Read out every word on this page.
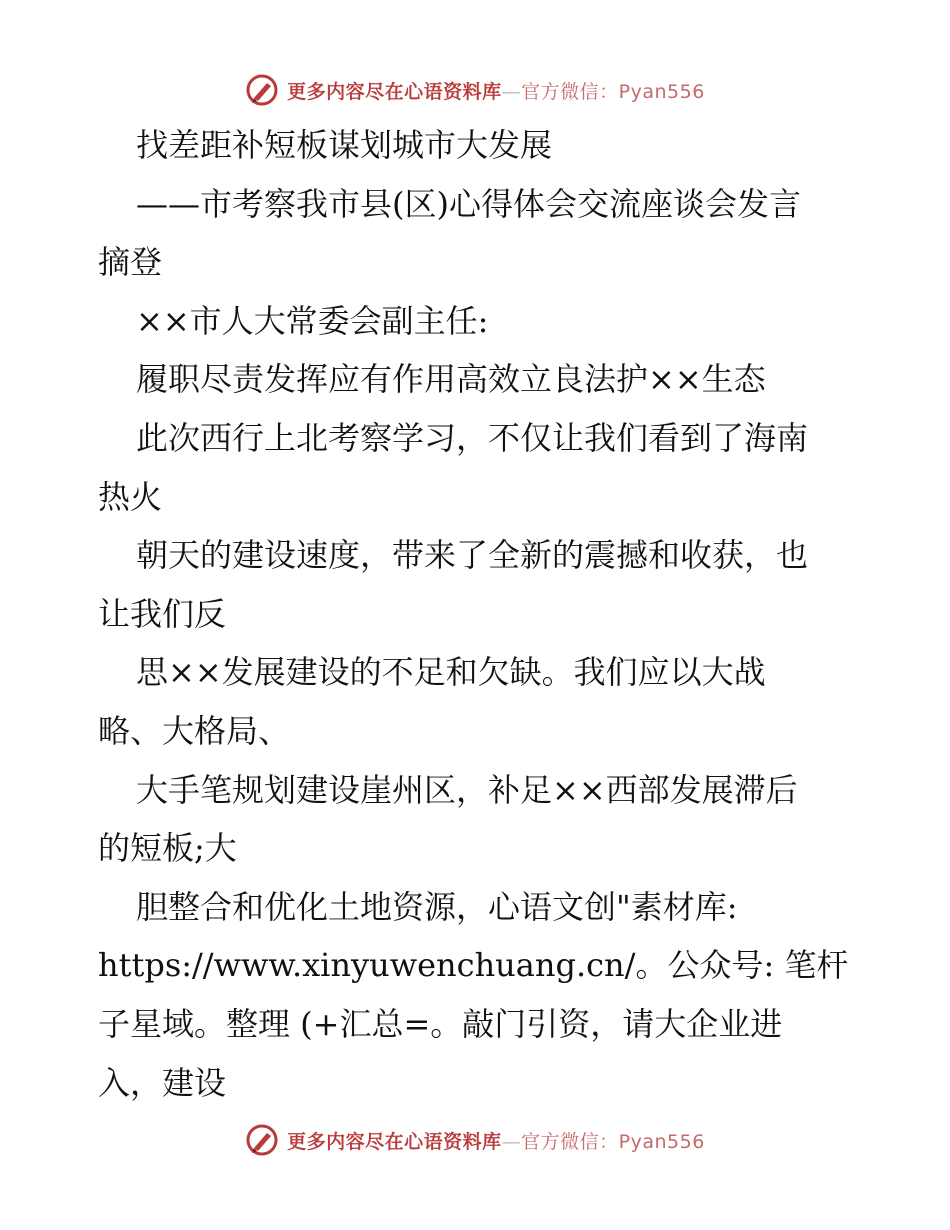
更多内容尽在心语资料库—官方微信：Pyan556
找差距补短板谋划城市大发展
——市考察我市县(区)心得体会交流座谈会发言
摘登
××市人大常委会副主任:
履职尽责发挥应有作用高效立良法护××生态
此次西行上北考察学习，不仅让我们看到了海南
热火
朝天的建设速度，带来了全新的震撼和收获，也
让我们反
思××发展建设的不足和欠缺。我们应以大战
略、大格局、
大手笔规划建设崖州区，补足××西部发展滞后
的短板;大
胆整合和优化土地资源，心语文创"素材库:
https://www.xinyuwenchuang.cn/。公众号: 笔杆
子星域。整理 (+汇总=。敲门引资，请大企业进
入，建设
更多内容尽在心语资料库—官方微信：Pyan556
